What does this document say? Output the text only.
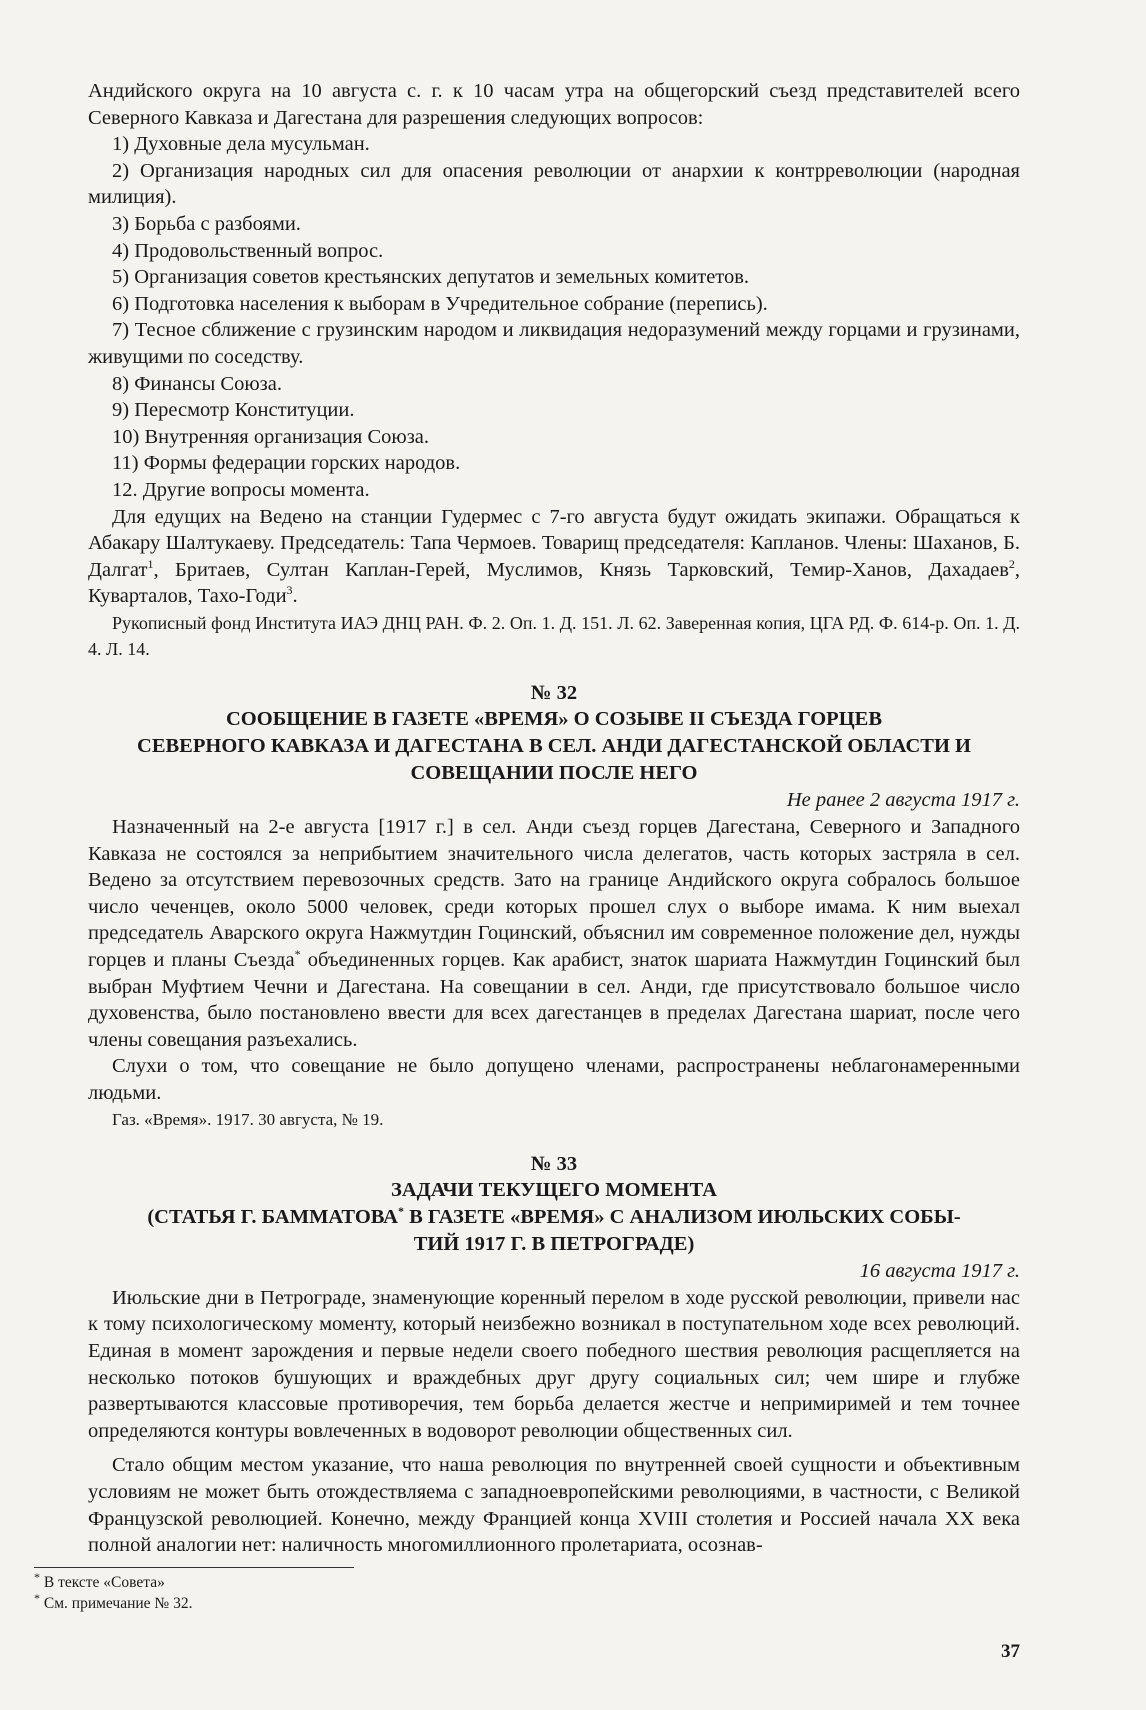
Андийского округа на 10 августа с. г. к 10 часам утра на общегорский съезд представителей всего Северного Кавказа и Дагестана для разрешения следующих вопросов:

1) Духовные дела мусульман.

2) Организация народных сил для опасения революции от анархии к контрреволюции (народная милиция).

3) Борьба с разбоями.

4) Продовольственный вопрос.

5) Организация советов крестьянских депутатов и земельных комитетов.

6) Подготовка населения к выборам в Учредительное собрание (перепись).

7) Тесное сближение с грузинским народом и ликвидация недоразумений между горцами и грузинами, живущими по соседству.

8) Финансы Союза.

9) Пересмотр Конституции.

10) Внутренняя организация Союза.

11) Формы федерации горских народов.

12. Другие вопросы момента.

Для едущих на Ведено на станции Гудермес с 7-го августа будут ожидать экипажи. Обращаться к Абакару Шалтукаеву. Председатель: Тапа Чермоев. Товарищ председателя: Капланов. Члены: Шаханов, Б. Далгат$^1$, Бритаев, Султан Каплан-Герей, Муслимов, Князь Тарковский, Темир-Ханов, Дахадаев$^2$, Куварталов, Тахо-Годи$^3$.

Рукописный фонд Института ИАЭ ДНЦ РАН. Ф. 2. Оп. 1. Д. 151. Л. 62. Заверенная копия, ЦГА РД. Ф. 614-р. Оп. 1. Д. 4. Л. 14.

№ 32
СООБЩЕНИЕ В ГАЗЕТЕ «ВРЕМЯ» О СОЗЫВЕ II СЪЕЗДА ГОРЦЕВ
СЕВЕРНОГО КАВКАЗА И ДАГЕСТАНА В СЕЛ. АНДИ ДАГЕСТАНСКОЙ ОБЛАСТИ И
СОВЕЩАНИИ ПОСЛЕ НЕГО
Не ранее 2 августа 1917 г.

Назначенный на 2-е августа [1917 г.] в сел. Анди съезд горцев Дагестана, Северного и Западного Кавказа не состоялся за неприбытием значительного числа делегатов, часть которых застряла в сел. Ведено за отсутствием перевозочных средств. Зато на границе Андийского округа собралось большое число чеченцев, около 5000 человек, среди которых прошел слух о выборе имама. К ним выехал председатель Аварского округа Нажмутдин Гоцинский, объяснил им современное положение дел, нужды горцев и планы Съезда* объединенных горцев. Как арабист, знаток шариата Нажмутдин Гоцинский был выбран Муфтием Чечни и Дагестана. На совещании в сел. Анди, где присутствовало большое число духовенства, было постановлено ввести для всех дагестанцев в пределах Дагестана шариат, после чего члены совещания разъехались.

Слухи о том, что совещание не было допущено членами, распространены неблагонамеренными людьми.

Газ. «Время». 1917. 30 августа, № 19.

№ 33
ЗАДАЧИ ТЕКУЩЕГО МОМЕНТА
(СТАТЬЯ Г. БАММАТОВА* В ГАЗЕТЕ «ВРЕМЯ» С АНАЛИЗОМ ИЮЛЬСКИХ СОБЫ-
ТИЙ 1917 Г. В ПЕТРОГРАДЕ)
16 августа 1917 г.

Июльские дни в Петрограде, знаменующие коренный перелом в ходе русской революции, привели нас к тому психологическому моменту, который неизбежно возникал в поступательном ходе всех революций. Единая в момент зарождения и первые недели своего победного шествия революция расщепляется на несколько потоков бушующих и враждебных друг другу социальных сил; чем шире и глубже развертываются классовые противоречия, тем борьба делается жестче и непримиримей и тем точнее определяются контуры вовлеченных в водоворот революции общественных сил.

Стало общим местом указание, что наша революция по внутренней своей сущности и объективным условиям не может быть отождествляема с западноевропейскими революциями, в частности, с Великой Французской революцией. Конечно, между Францией конца XVIII столетия и Россией начала XX века полной аналогии нет: наличность многомиллионного пролетариата, осознав-

* В тексте «Совета»
* См. примечание № 32.
37
